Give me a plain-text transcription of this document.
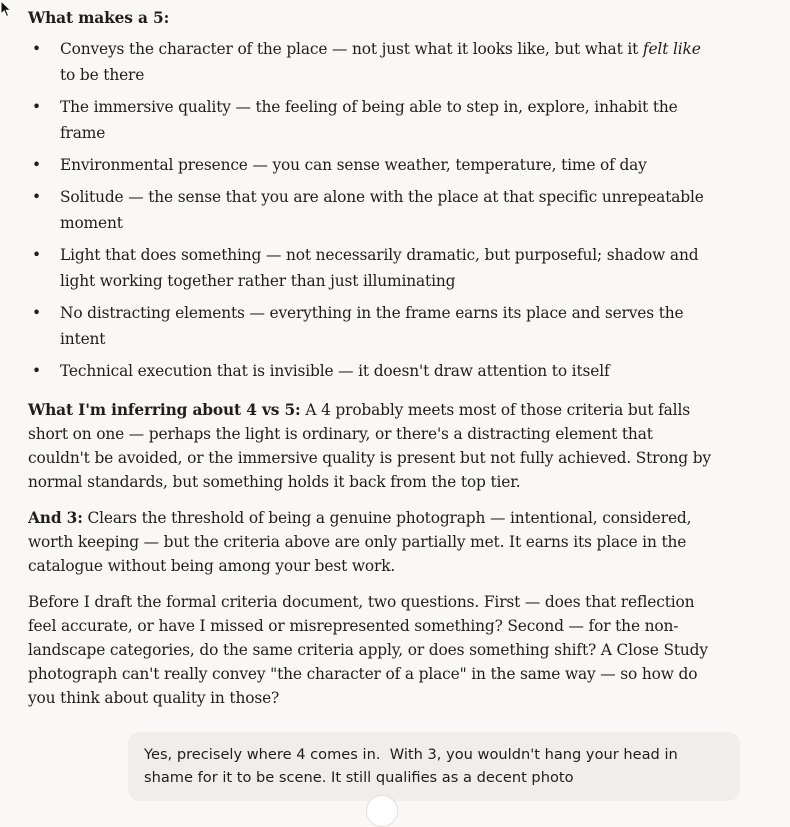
What makes a 5:

• Conveys the character of the place — not just what it looks like, but what it felt like to be there
• The immersive quality — the feeling of being able to step in, explore, inhabit the frame
• Environmental presence — you can sense weather, temperature, time of day
• Solitude — the sense that you are alone with the place at that specific unrepeatable moment
• Light that does something — not necessarily dramatic, but purposeful; shadow and light working together rather than just illuminating
• No distracting elements — everything in the frame earns its place and serves the intent
• Technical execution that is invisible — it doesn't draw attention to itself

What I'm inferring about 4 vs 5: A 4 probably meets most of those criteria but falls short on one — perhaps the light is ordinary, or there's a distracting element that couldn't be avoided, or the immersive quality is present but not fully achieved. Strong by normal standards, but something holds it back from the top tier.

And 3: Clears the threshold of being a genuine photograph — intentional, considered, worth keeping — but the criteria above are only partially met. It earns its place in the catalogue without being among your best work.

Before I draft the formal criteria document, two questions. First — does that reflection feel accurate, or have I missed or misrepresented something? Second — for the non-landscape categories, do the same criteria apply, or does something shift? A Close Study photograph can't really convey "the character of a place" in the same way — so how do you think about quality in those?

Yes, precisely where 4 comes in.  With 3, you wouldn't hang your head in shame for it to be scene. It still qualifies as a decent photo
